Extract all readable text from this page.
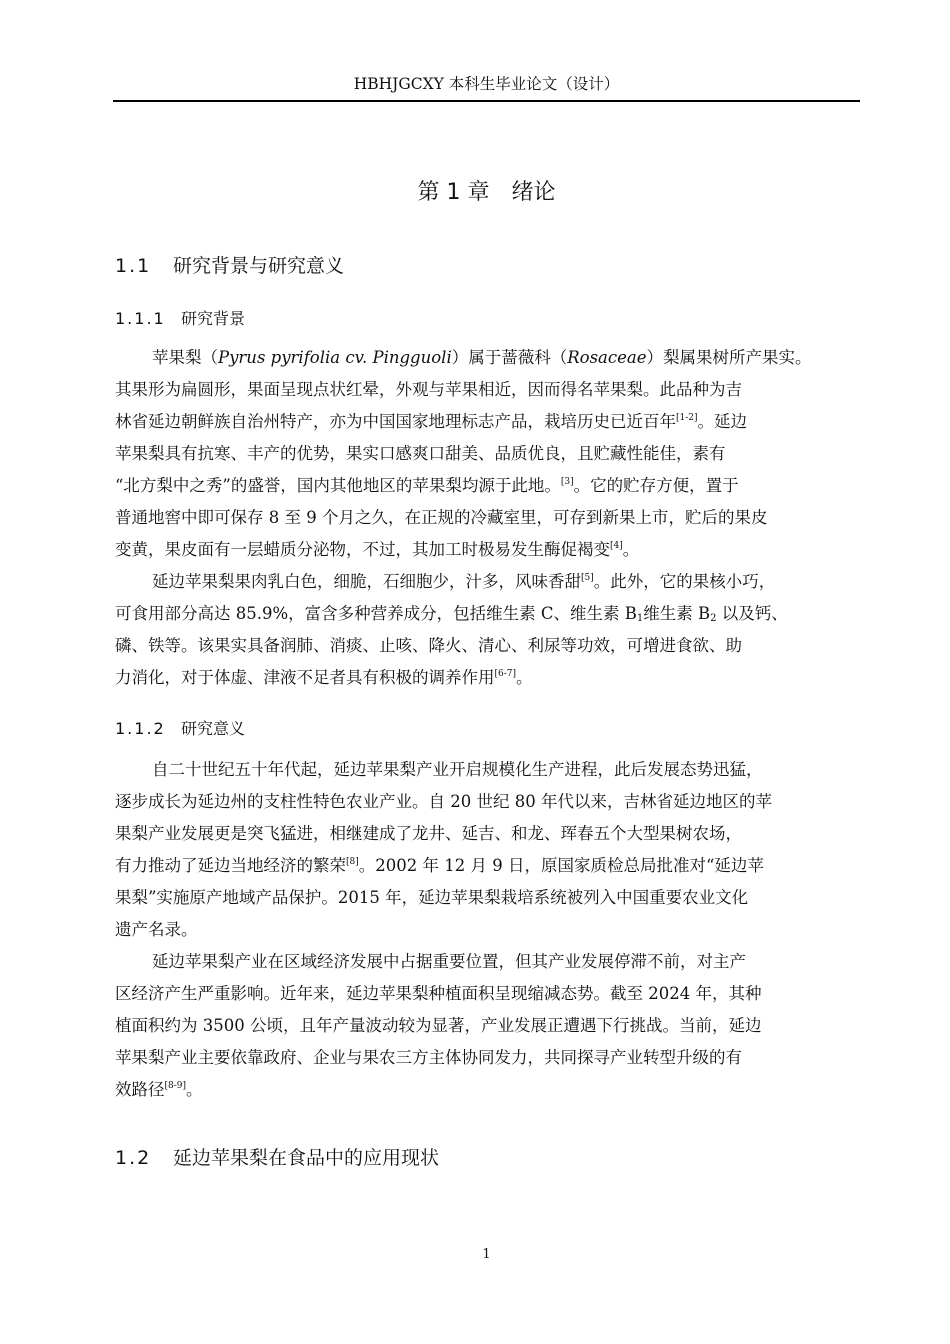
HBHJGCXY 本科生毕业论文（设计）
第 1 章　绪论
1.1 研究背景与研究意义
1.1.1 研究背景
苹果梨（Pyrus pyrifolia cv. Pingguoli）属于蔷薇科（Rosaceae）梨属果树所产果实。
其果形为扁圆形，果面呈现点状红晕，外观与苹果相近，因而得名苹果梨。此品种为吉
林省延边朝鲜族自治州特产，亦为中国国家地理标志产品，栽培历史已近百年[1-2]。延边
苹果梨具有抗寒、丰产的优势，果实口感爽口甜美、品质优良，且贮藏性能佳，素有
“北方梨中之秀”的盛誉，国内其他地区的苹果梨均源于此地。[3]。它的贮存方便，置于
普通地窖中即可保存 8 至 9 个月之久，在正规的冷藏室里，可存到新果上市，贮后的果皮
变黄，果皮面有一层蜡质分泌物，不过，其加工时极易发生酶促褐变[4]。
延边苹果梨果肉乳白色，细脆，石细胞少，汁多，风味香甜[5]。此外，它的果核小巧，
可食用部分高达 85.9%，富含多种营养成分，包括维生素 C、维生素 $B_1$维生素 $B_2$ 以及钙、
磷、铁等。该果实具备润肺、消痰、止咳、降火、清心、利尿等功效，可增进食欲、助
力消化，对于体虚、津液不足者具有积极的调养作用[6-7]。
1.1.2 研究意义
自二十世纪五十年代起，延边苹果梨产业开启规模化生产进程，此后发展态势迅猛，
逐步成长为延边州的支柱性特色农业产业。自 20 世纪 80 年代以来，吉林省延边地区的苹
果梨产业发展更是突飞猛进，相继建成了龙井、延吉、和龙、珲春五个大型果树农场，
有力推动了延边当地经济的繁荣[8]。2002 年 12 月 9 日，原国家质检总局批准对“延边苹
果梨”实施原产地域产品保护。2015 年，延边苹果梨栽培系统被列入中国重要农业文化
遗产名录。
延边苹果梨产业在区域经济发展中占据重要位置，但其产业发展停滞不前，对主产
区经济产生严重影响。近年来，延边苹果梨种植面积呈现缩减态势。截至 2024 年，其种
植面积约为 3500 公顷，且年产量波动较为显著，产业发展正遭遇下行挑战。当前，延边
苹果梨产业主要依靠政府、企业与果农三方主体协同发力，共同探寻产业转型升级的有
效路径[8-9]。
1.2 延边苹果梨在食品中的应用现状
1
